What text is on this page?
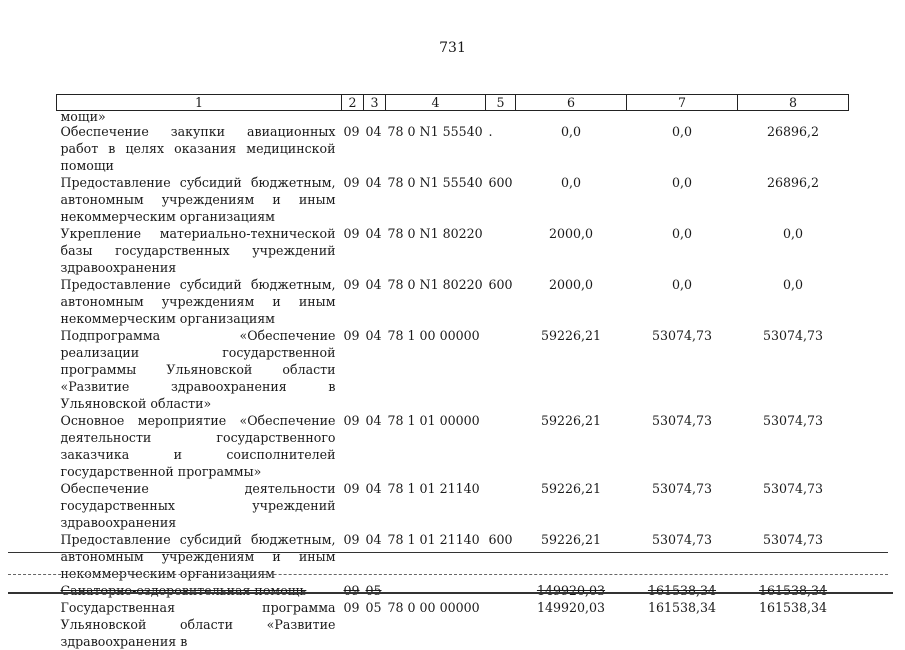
731
1	2	3	4	5	6	7	8
мощи»							
Обеспечение закупки авиационных работ в целях оказания медицинской помощи	09	04	78 0 N1 55540	.	0,0	0,0	26896,2
Предоставление субсидий бюджетным, автономным учреждениям и иным некоммерческим организациям	09	04	78 0 N1 55540	600	0,0	0,0	26896,2
Укрепление материально-технической базы государственных учреждений здравоохранения	09	04	78 0 N1 80220		2000,0	0,0	0,0
Предоставление субсидий бюджетным, автономным учреждениям и иным некоммерческим организациям	09	04	78 0 N1 80220	600	2000,0	0,0	0,0
Подпрограмма «Обеспечение реализации государственной программы Ульяновской области «Развитие здравоохранения в Ульяновской области»	09	04	78 1 00 00000		59226,21	53074,73	53074,73
Основное мероприятие «Обеспечение деятельности государственного заказчика и соисполнителей государственной программы»	09	04	78 1 01 00000		59226,21	53074,73	53074,73
Обеспечение деятельности государственных учреждений здравоохранения	09	04	78 1 01 21140		59226,21	53074,73	53074,73
Предоставление субсидий бюджетным, автономным учреждениям и иным некоммерческим организациям	09	04	78 1 01 21140	600	59226,21	53074,73	53074,73
Санаторно-оздоровительная помощь	09	05			149920,03	161538,34	161538,34
Государственная программа Ульяновской области «Развитие здравоохранения в	09	05	78 0 00 00000		149920,03	161538,34	161538,34
